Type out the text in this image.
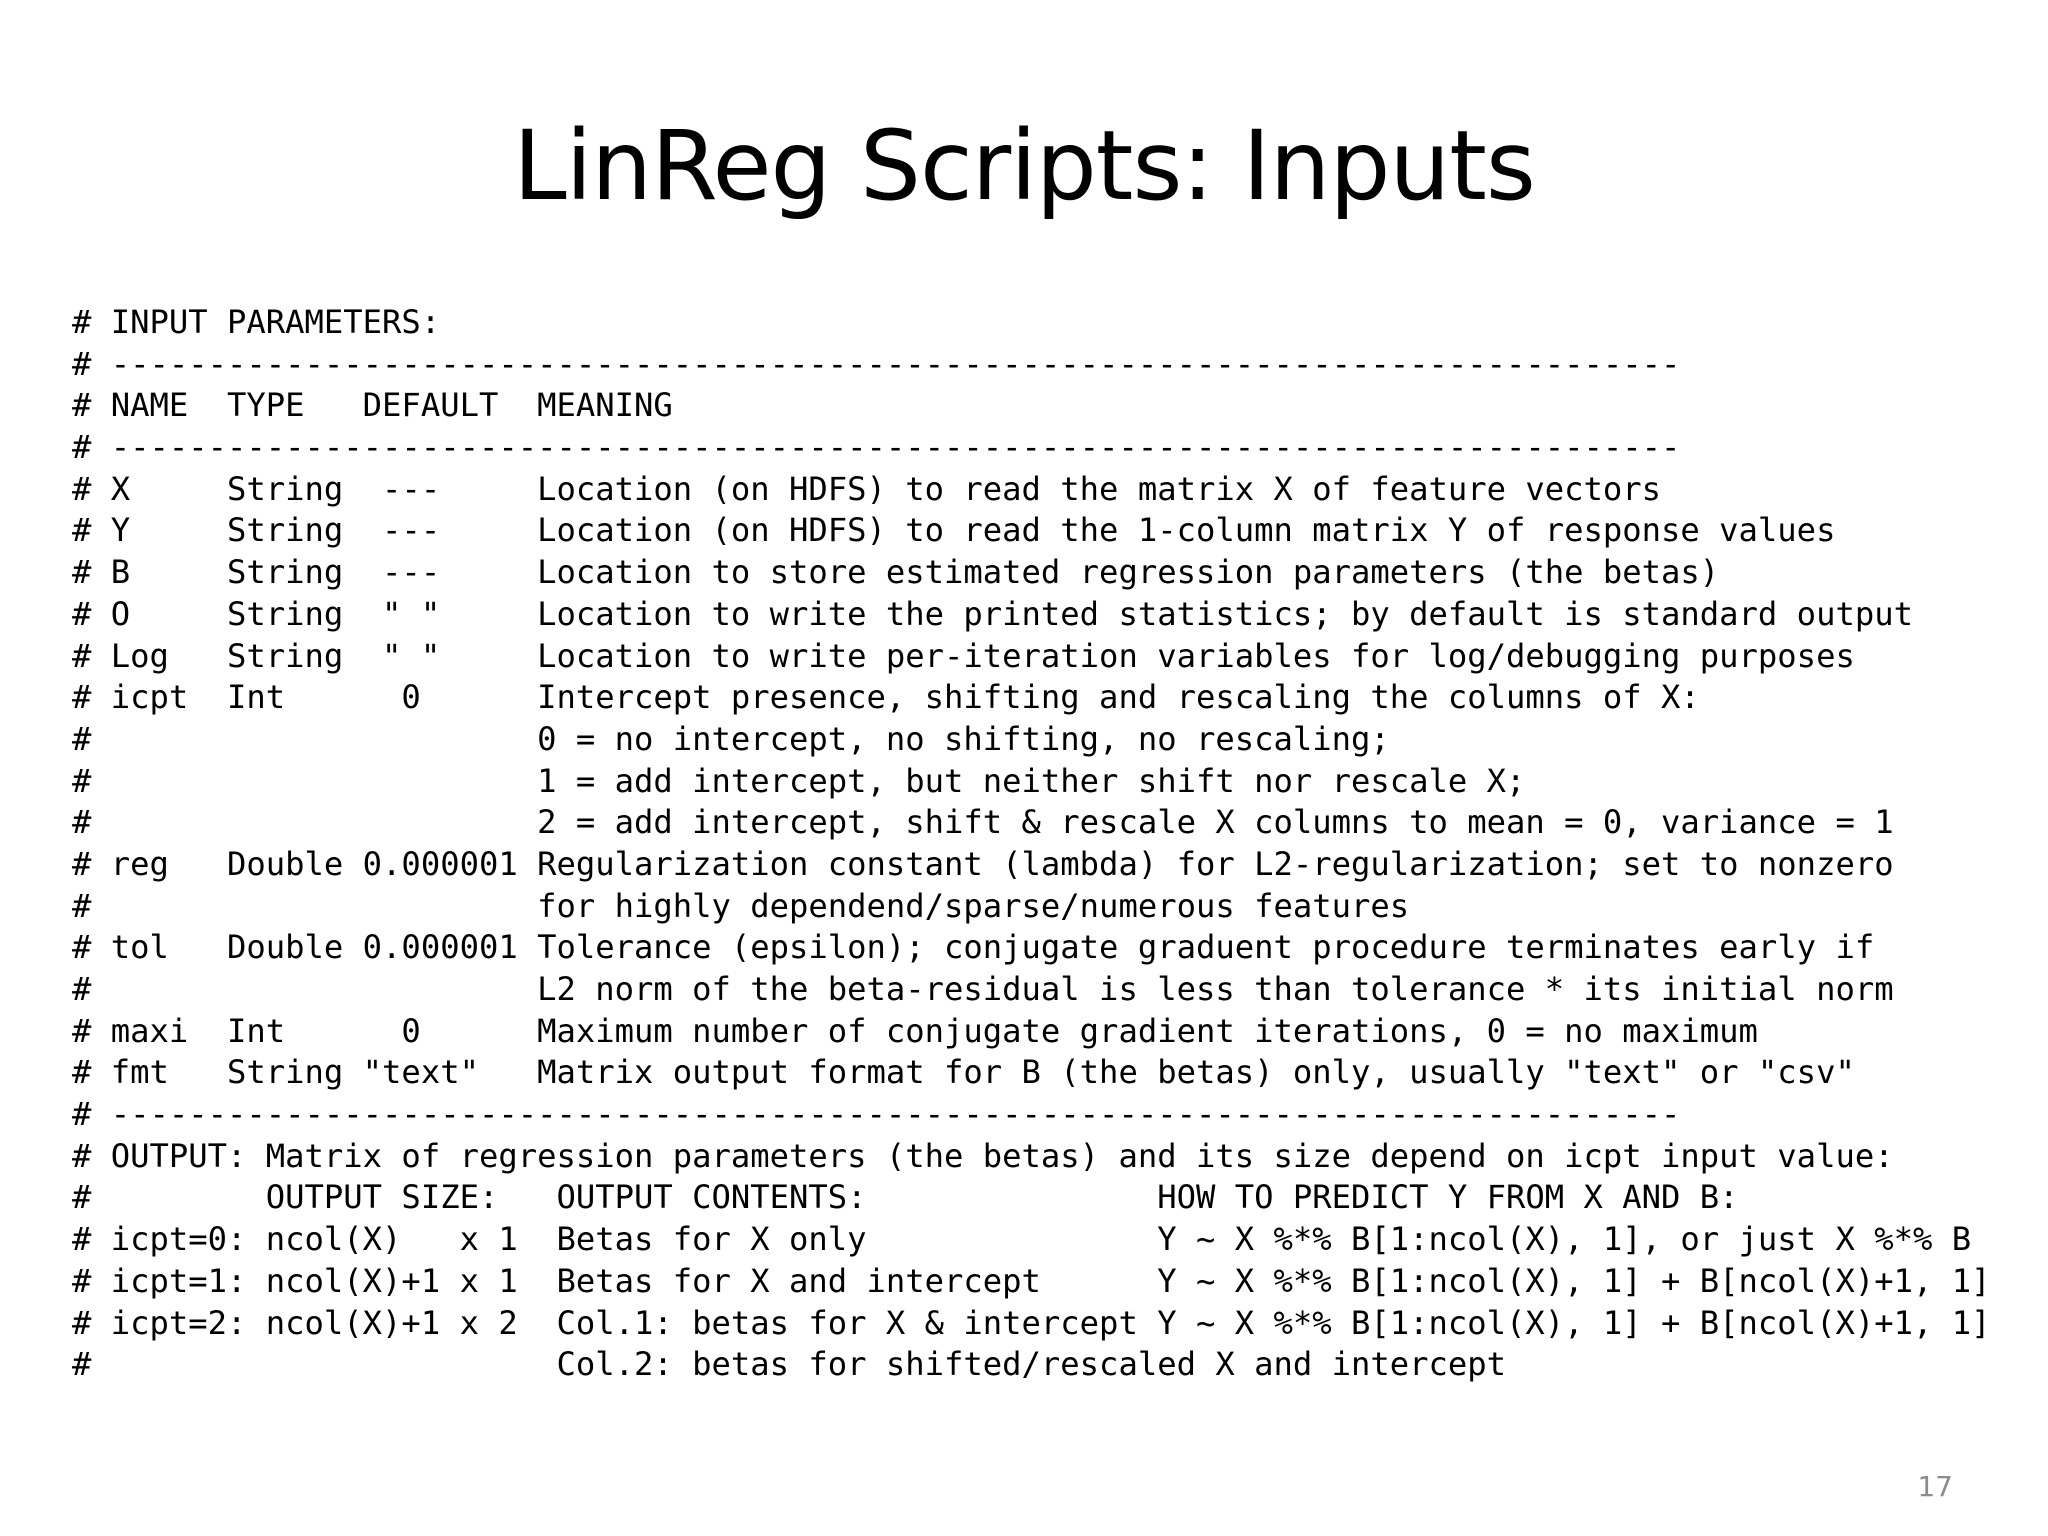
LinReg Scripts: Inputs
# INPUT PARAMETERS:
# ---------------------------------------------------------------------------------
# NAME  TYPE   DEFAULT  MEANING
# ---------------------------------------------------------------------------------
# X     String  ---     Location (on HDFS) to read the matrix X of feature vectors
# Y     String  ---     Location (on HDFS) to read the 1-column matrix Y of response values
# B     String  ---     Location to store estimated regression parameters (the betas)
# O     String  " "     Location to write the printed statistics; by default is standard output
# Log   String  " "     Location to write per-iteration variables for log/debugging purposes
# icpt  Int      0      Intercept presence, shifting and rescaling the columns of X:
#                       0 = no intercept, no shifting, no rescaling;
#                       1 = add intercept, but neither shift nor rescale X;
#                       2 = add intercept, shift & rescale X columns to mean = 0, variance = 1
# reg   Double 0.000001 Regularization constant (lambda) for L2-regularization; set to nonzero
#                       for highly dependend/sparse/numerous features
# tol   Double 0.000001 Tolerance (epsilon); conjugate graduent procedure terminates early if
#                       L2 norm of the beta-residual is less than tolerance * its initial norm
# maxi  Int      0      Maximum number of conjugate gradient iterations, 0 = no maximum
# fmt   String "text"   Matrix output format for B (the betas) only, usually "text" or "csv"
# ---------------------------------------------------------------------------------
# OUTPUT: Matrix of regression parameters (the betas) and its size depend on icpt input value:
#         OUTPUT SIZE:   OUTPUT CONTENTS:               HOW TO PREDICT Y FROM X AND B:
# icpt=0: ncol(X)   x 1  Betas for X only               Y ~ X %*% B[1:ncol(X), 1], or just X %*% B
# icpt=1: ncol(X)+1 x 1  Betas for X and intercept      Y ~ X %*% B[1:ncol(X), 1] + B[ncol(X)+1, 1]
# icpt=2: ncol(X)+1 x 2  Col.1: betas for X & intercept Y ~ X %*% B[1:ncol(X), 1] + B[ncol(X)+1, 1]
#                        Col.2: betas for shifted/rescaled X and intercept
17
